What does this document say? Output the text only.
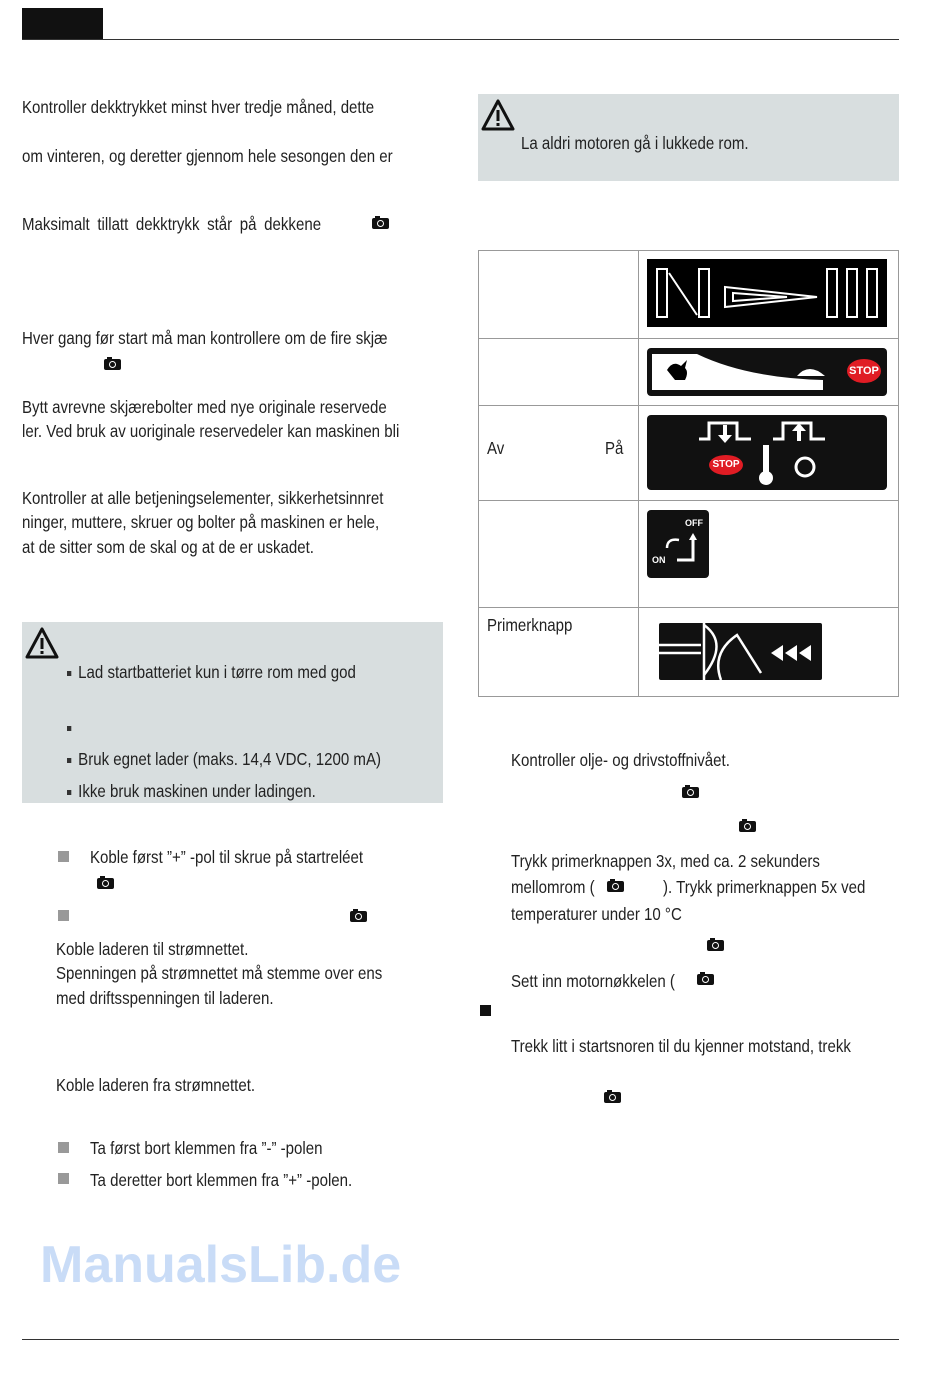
Kontroller dekktrykket minst hver tredje måned, dette
om vinteren, og deretter gjennom hele sesongen den er
Maksimalt tillatt dekktrykk står på dekkene
Hver gang før start må man kontrollere om de fire skjæ
Bytt avrevne skjærebolter med nye originale reservede
ler. Ved bruk av uoriginale reservedeler kan maskinen bli
Kontroller at alle betjeningselementer, sikkerhetsinnret
ninger, muttere, skruer og bolter på maskinen er hele,
at de sitter som de skal og at de er uskadet.
Lad startbatteriet kun i tørre rom med god
Bruk egnet lader (maks. 14,4 VDC, 1200 mA)
Ikke bruk maskinen under ladingen.
Koble først ”+” -pol til skrue på startreléet
Koble laderen til strømnettet.
Spenningen på strømnettet må stemme over ens
med driftsspenningen til laderen.
Koble laderen fra strømnettet.
Ta først bort klemmen fra ”-” -polen
Ta deretter bort klemmen fra ”+” -polen.
La aldri motoren gå i lukkede rom.
STOP
Av	På
STOP
OFF
ON
Primerknapp
Kontroller olje- og drivstoffnivået.
Trykk primerknappen 3x, med ca. 2 sekunders
mellomrom (	). Trykk primerknappen 5x ved
temperaturer under 10 °C
Sett inn motornøkkelen (
Trekk litt i startsnoren til du kjenner motstand, trekk
ManualsLib.de
